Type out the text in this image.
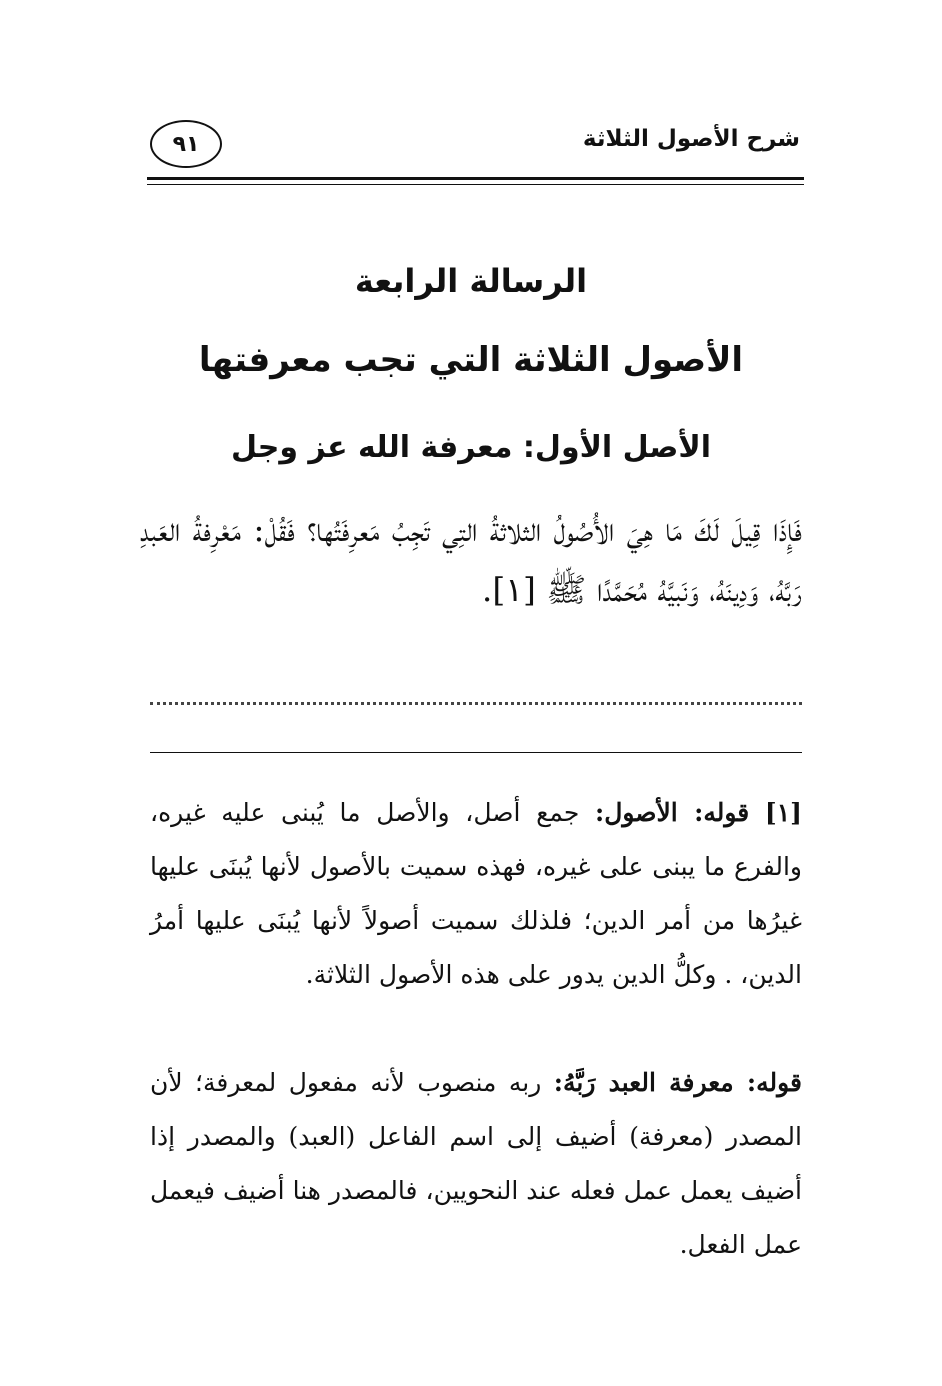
شرح الأصول الثلاثة
٩١
الرسالة الرابعة
الأصول الثلاثة التي تجب معرفتها
الأصل الأول: معرفة الله عز وجل
فَإِذَا قِيلَ لَكَ مَا هِيَ الأُصُولُ الثلاثةُ التِي تَجِبُ مَعرِفَتُها؟ فَقُلْ: مَعْرِفةُ العَبدِ رَبَّهُ، وَدِينَهُ، وَنَبيَّهُ مُحَمَّدًا ﷺ [١].
[١] قوله: الأصول: جمع أصل، والأصل ما يُبنى عليه غيره، والفرع ما يبنى على غيره، فهذه سميت بالأصول لأنها يُبنَى عليها غيرُها من أمر الدين؛ فلذلك سميت أصولاً لأنها يُبنَى عليها أمرُ الدين، . وكلُّ الدين يدور على هذه الأصول الثلاثة.
قوله: معرفة العبد رَبَّهُ: ربه منصوب لأنه مفعول لمعرفة؛ لأن المصدر (معرفة) أضيف إلى اسم الفاعل (العبد) والمصدر إذا أضيف يعمل عمل فعله عند النحويين، فالمصدر هنا أضيف فيعمل عمل الفعل.
